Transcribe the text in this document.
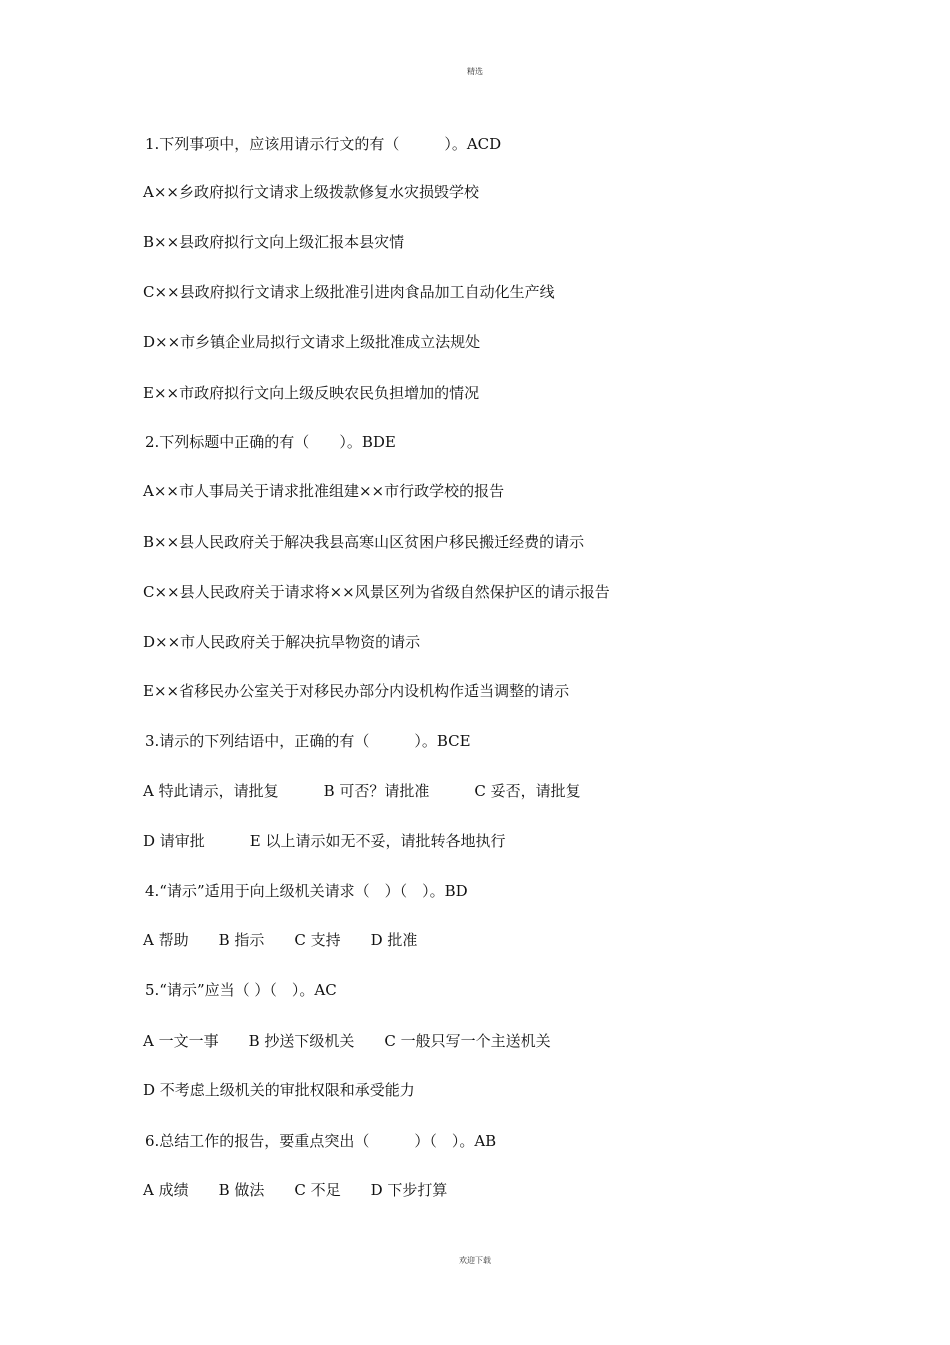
精选
1.下列事项中，应该用请示行文的有（　　　）。ACD
A××乡政府拟行文请求上级拨款修复水灾损毁学校
B××县政府拟行文向上级汇报本县灾情
C××县政府拟行文请求上级批准引进肉食品加工自动化生产线
D××市乡镇企业局拟行文请求上级批准成立法规处
E××市政府拟行文向上级反映农民负担增加的情况
2.下列标题中正确的有（　　）。BDE
A××市人事局关于请求批准组建××市行政学校的报告
B××县人民政府关于解决我县高寒山区贫困户移民搬迁经费的请示
C××县人民政府关于请求将××风景区列为省级自然保护区的请示报告
D××市人民政府关于解决抗旱物资的请示
E××省移民办公室关于对移民办部分内设机构作适当调整的请示
3.请示的下列结语中，正确的有（　　　）。BCE
A 特此请示，请批复　　　B 可否？请批准　　　C 妥否，请批复
D 请审批　　　E 以上请示如无不妥，请批转各地执行
4.“请示”适用于向上级机关请求（　）（　）。BD
A 帮助　　B 指示　　C 支持　　D 批准
5.“请示”应当（ ）（　）。AC
A 一文一事　　B 抄送下级机关　　C 一般只写一个主送机关
D 不考虑上级机关的审批权限和承受能力
6.总结工作的报告，要重点突出（　　　）（　）。AB
A 成绩　　B 做法　　C 不足　　D 下步打算
欢迎下载
